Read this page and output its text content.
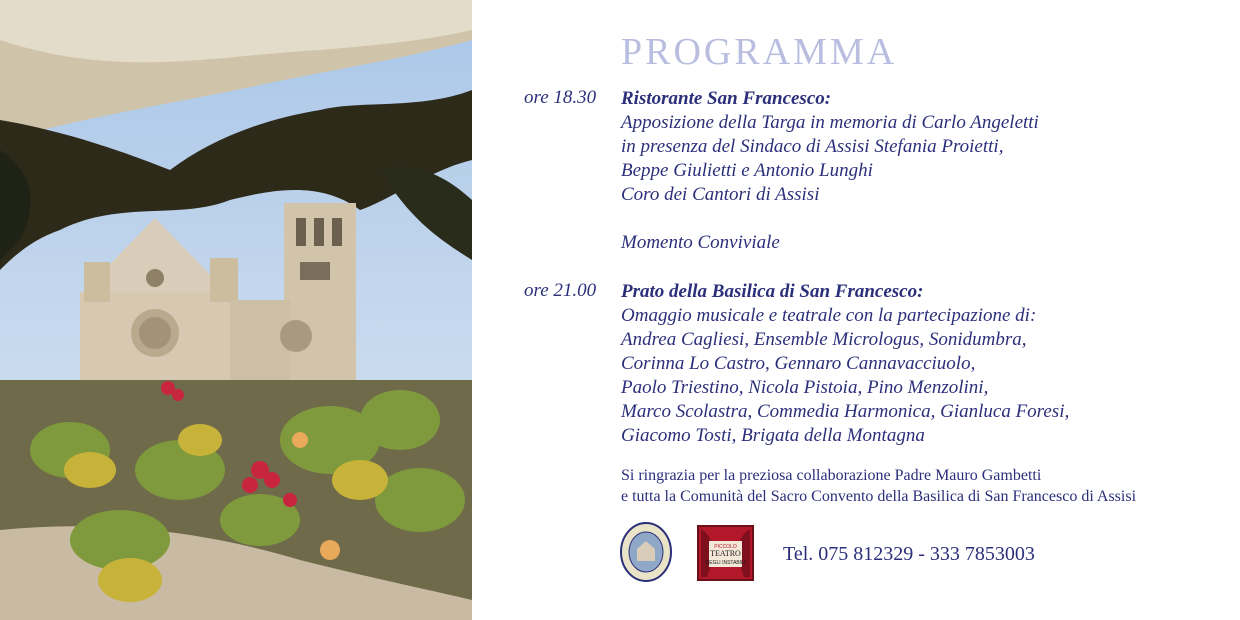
PROGRAMMA
ore 18.30 Ristorante San Francesco:
Apposizione della Targa in memoria di Carlo Angeletti
in presenza del Sindaco di Assisi Stefania Proietti,
Beppe Giulietti e Antonio Lunghi
Coro dei Cantori di Assisi
Momento Conviviale
ore 21.00 Prato della Basilica di San Francesco:
Omaggio musicale e teatrale con la partecipazione di:
Andrea Cagliesi, Ensemble Micrologus, Sonidumbra,
Corinna Lo Castro, Gennaro Cannavacciuolo,
Paolo Triestino, Nicola Pistoia, Pino Menzolini,
Marco Scolastra, Commedia Harmonica, Gianluca Foresi,
Giacomo Tosti, Brigata della Montagna
Si ringrazia per la preziosa collaborazione Padre Mauro Gambetti
e tutta la Comunità del Sacro Convento della Basilica di San Francesco di Assisi
PICCOLO
TEATRO
DEGLI INSTABILI Tel. 075 812329 - 333 7853003
